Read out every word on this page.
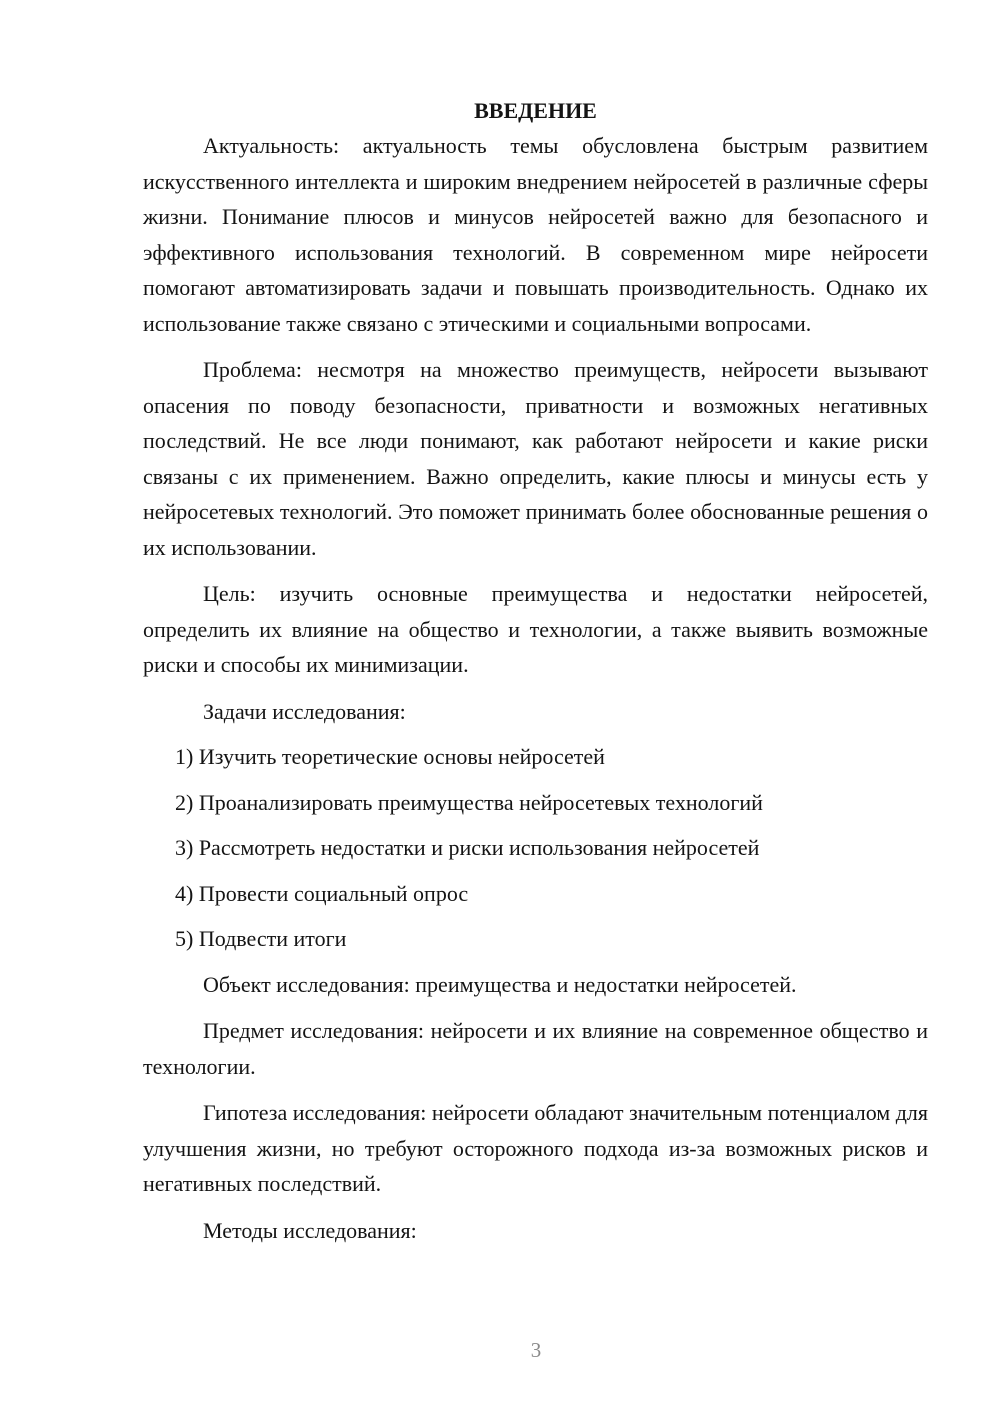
ВВЕДЕНИЕ

Актуальность: актуальность темы обусловлена быстрым развитием искусственного интеллекта и широким внедрением нейросетей в различные сферы жизни. Понимание плюсов и минусов нейросетей важно для безопасного и эффективного использования технологий. В современном мире нейросети помогают автоматизировать задачи и повышать производительность. Однако их использование также связано с этическими и социальными вопросами.

Проблема: несмотря на множество преимуществ, нейросети вызывают опасения по поводу безопасности, приватности и возможных негативных последствий. Не все люди понимают, как работают нейросети и какие риски связаны с их применением. Важно определить, какие плюсы и минусы есть у нейросетевых технологий. Это поможет принимать более обоснованные решения о их использовании.

Цель: изучить основные преимущества и недостатки нейросетей, определить их влияние на общество и технологии, а также выявить возможные риски и способы их минимизации.

Задачи исследования:
1) Изучить теоретические основы нейросетей
2) Проанализировать преимущества нейросетевых технологий
3) Рассмотреть недостатки и риски использования нейросетей
4) Провести социальный опрос
5) Подвести итоги

Объект исследования: преимущества и недостатки нейросетей.

Предмет исследования: нейросети и их влияние на современное общество и технологии.

Гипотеза исследования: нейросети обладают значительным потенциалом для улучшения жизни, но требуют осторожного подхода из-за возможных рисков и негативных последствий.

Методы исследования:

3
